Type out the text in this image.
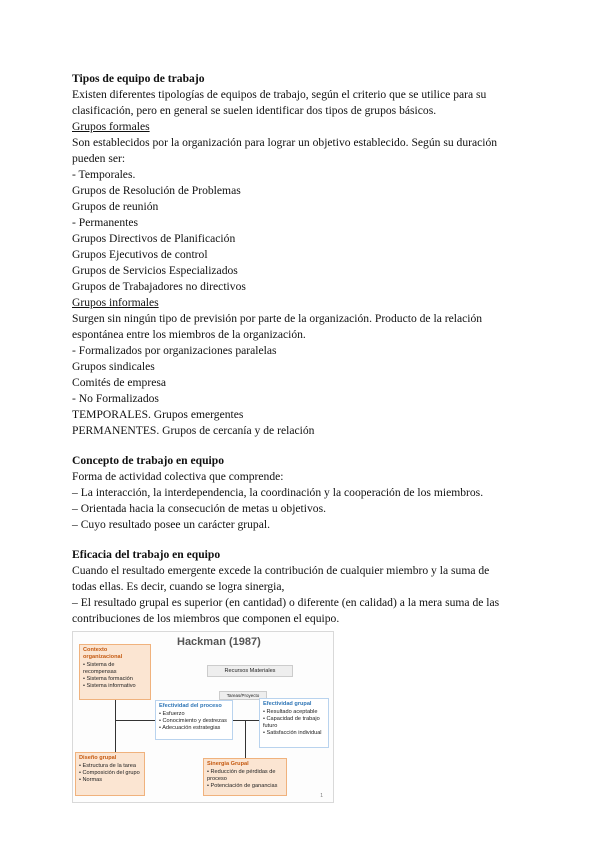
Tipos de equipo de trabajo
Existen diferentes tipologías de equipos de trabajo, según el criterio que se utilice para su
clasificación, pero en general se suelen identificar dos tipos de grupos básicos.
Grupos formales
Son establecidos por la organización para lograr un objetivo establecido. Según su duración
pueden ser:
- Temporales.
Grupos de Resolución de Problemas
Grupos de reunión
- Permanentes
Grupos Directivos de Planificación
Grupos Ejecutivos de control
Grupos de Servicios Especializados
Grupos de Trabajadores no directivos
Grupos informales
Surgen sin ningún tipo de previsión por parte de la organización. Producto de la relación
espontánea entre los miembros de la organización.
- Formalizados por organizaciones paralelas
Grupos sindicales
Comités de empresa
- No Formalizados
TEMPORALES. Grupos emergentes
PERMANENTES. Grupos de cercanía y de relación
Concepto de trabajo en equipo
Forma de actividad colectiva que comprende:
– La interacción, la interdependencia, la coordinación y la cooperación de los miembros.
– Orientada hacia la consecución de metas u objetivos.
– Cuyo resultado posee un carácter grupal.
Eficacia del trabajo en equipo
Cuando el resultado emergente excede la contribución de cualquier miembro y la suma de
todas ellas. Es decir, cuando se logra sinergia,
– El resultado grupal es superior (en cantidad) o diferente (en calidad) a la mera suma de las
contribuciones de los miembros que componen el equipo.
Hackman (1987)
Contexto organizacional
• Sistema de recompensas
• Sistema formación
• Sistema informativo
Recursos Materiales
Tareas/Proyecto
Efectividad del proceso
• Esfuerzo
• Conocimiento y destrezas
• Adecuación estrategias
Efectividad grupal
• Resultado aceptable
• Capacidad de trabajo futuro
• Satisfacción individual
Diseño grupal
• Estructura de la tarea
• Composición del grupo
• Normas
Sinergia Grupal
• Reducción de pérdidas de proceso
• Potenciación de ganancias
1
